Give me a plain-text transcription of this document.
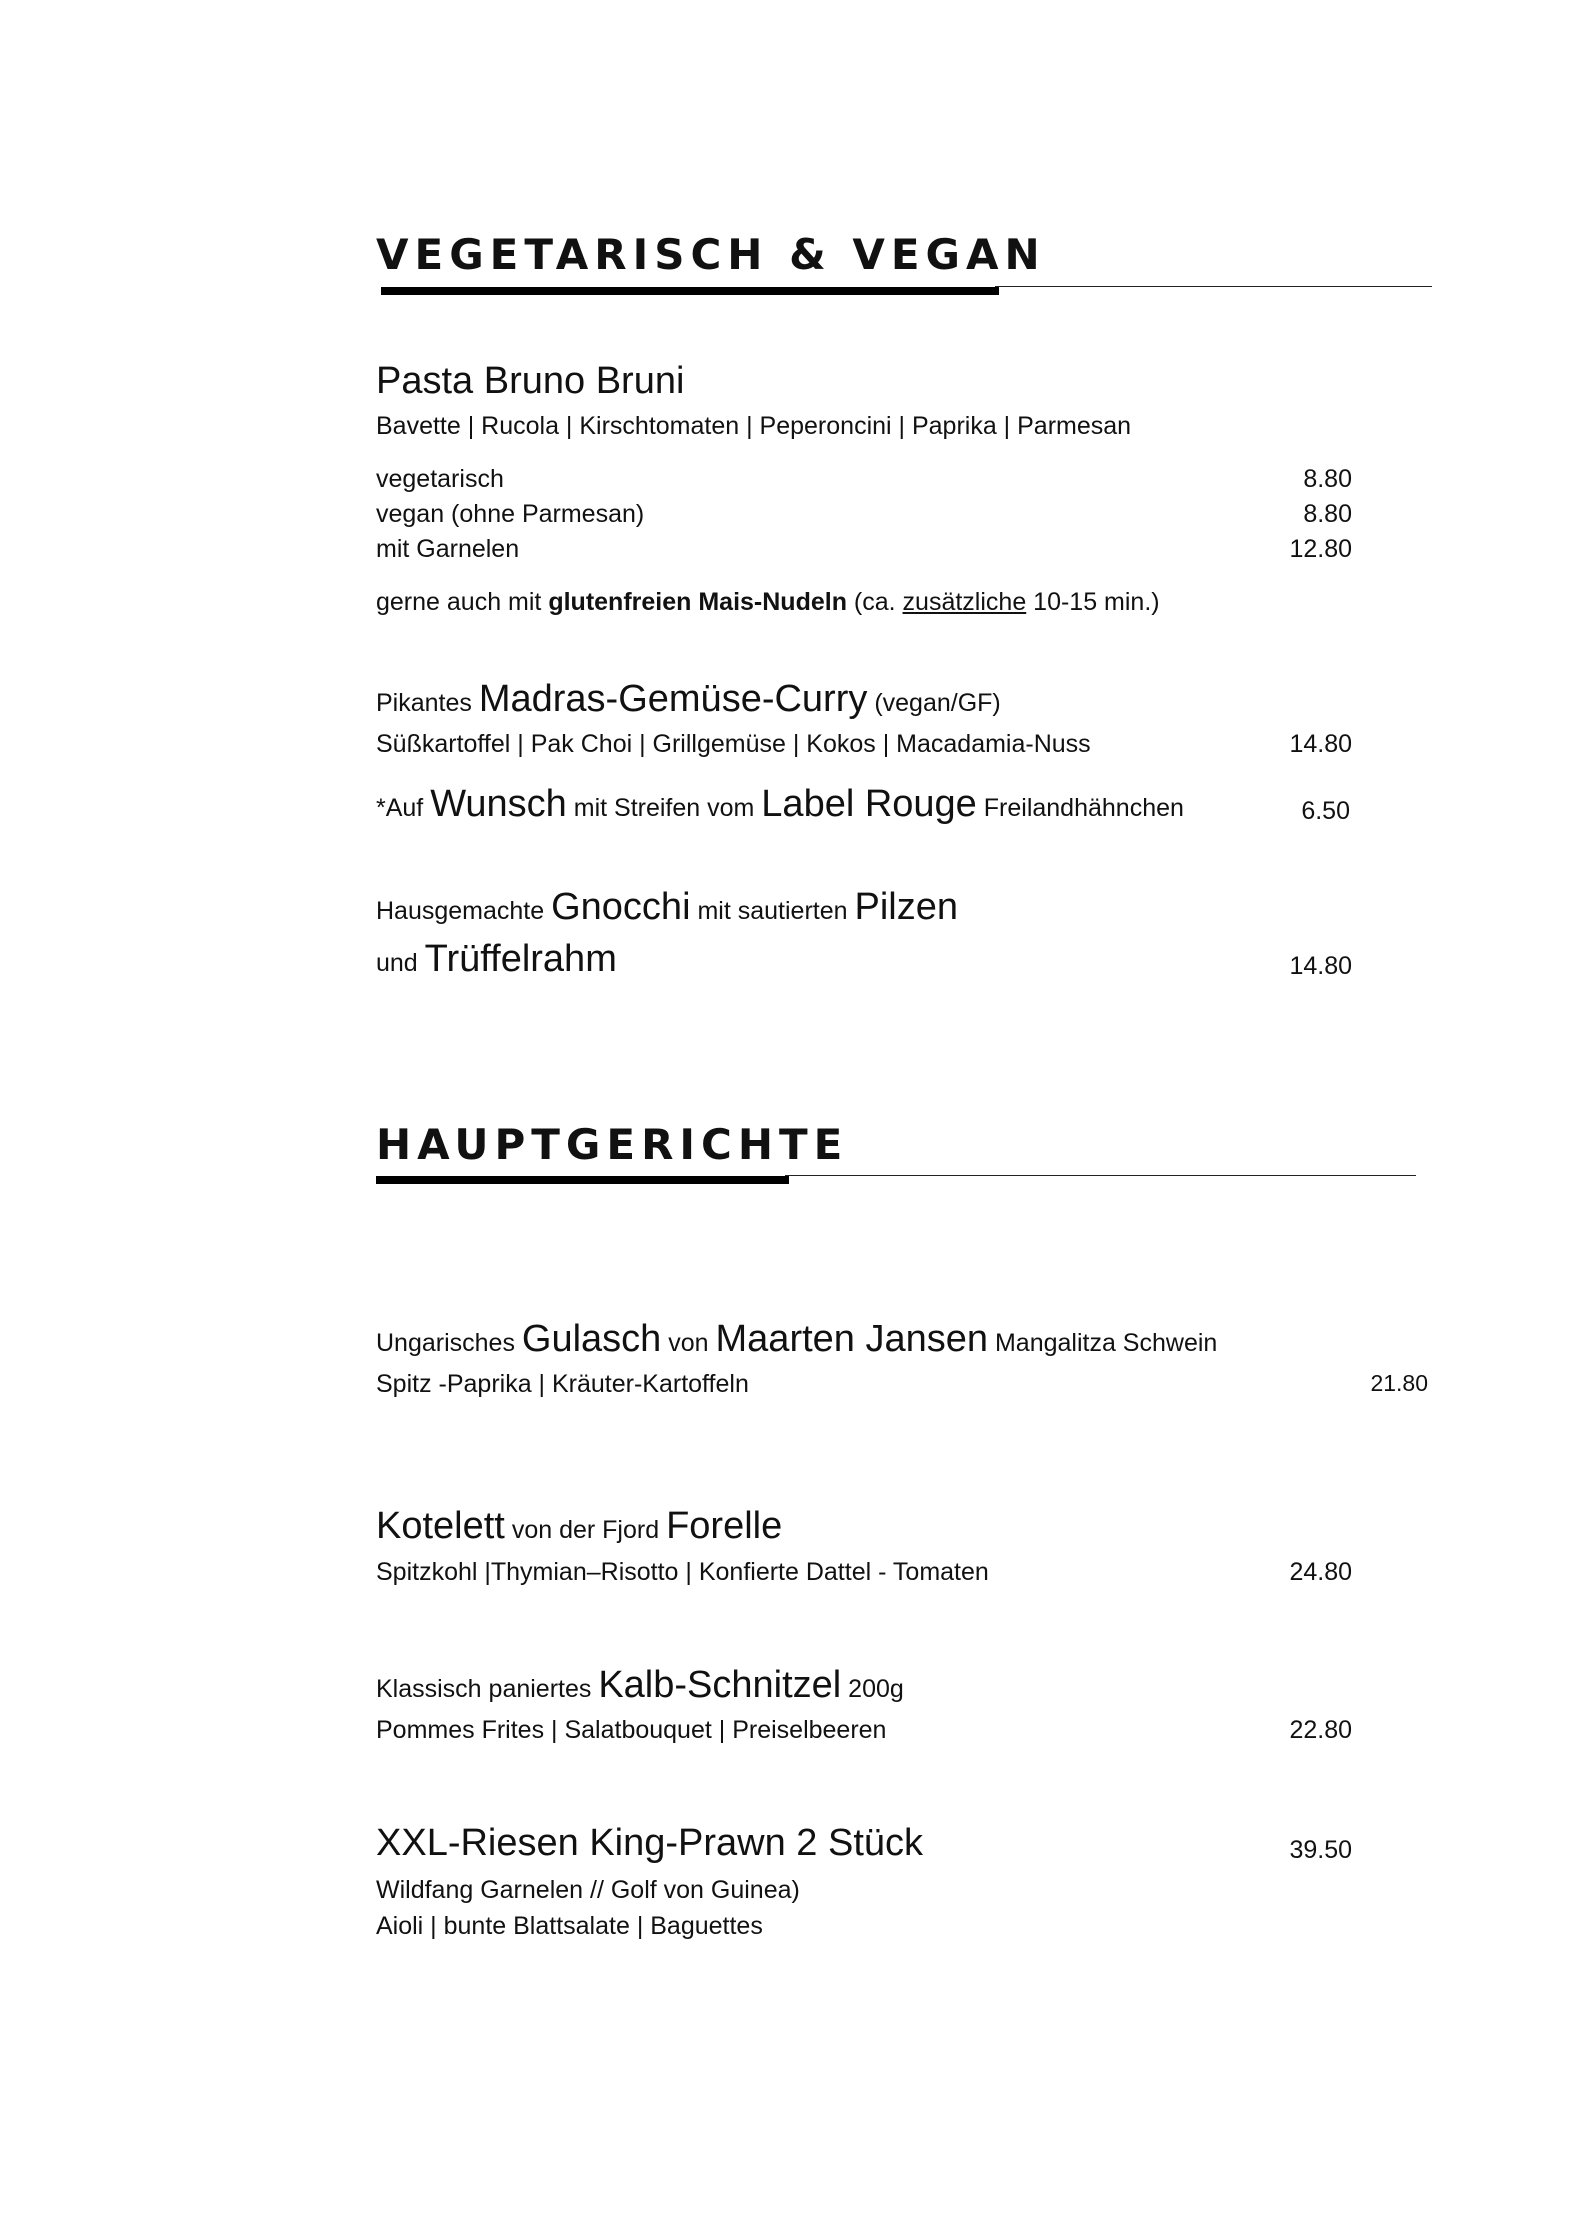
VEGETARISCH & VEGAN
Pasta Bruno Bruni
Bavette | Rucola | Kirschtomaten | Peperoncini | Paprika | Parmesan
vegetarisch	8.80
vegan (ohne Parmesan)	8.80
mit Garnelen	12.80
gerne auch mit glutenfreien Mais-Nudeln (ca. zusätzliche 10-15 min.)
Pikantes Madras-Gemüse-Curry (vegan/GF)
Süßkartoffel | Pak Choi | Grillgemüse | Kokos | Macadamia-Nuss	14.80
*Auf Wunsch mit Streifen vom Label Rouge Freilandhähnchen	6.50
Hausgemachte Gnocchi mit sautierten Pilzen
und Trüffelrahm	14.80
HAUPTGERICHTE
Ungarisches Gulasch von Maarten Jansen Mangalitza Schwein
Spitz -Paprika | Kräuter-Kartoffeln	21.80
Kotelett von der Fjord Forelle
Spitzkohl |Thymian–Risotto | Konfierte Dattel - Tomaten	24.80
Klassisch paniertes Kalb-Schnitzel 200g
Pommes Frites | Salatbouquet | Preiselbeeren	22.80
XXL-Riesen King-Prawn 2 Stück	39.50
Wildfang Garnelen // Golf von Guinea)
Aioli | bunte Blattsalate | Baguettes
